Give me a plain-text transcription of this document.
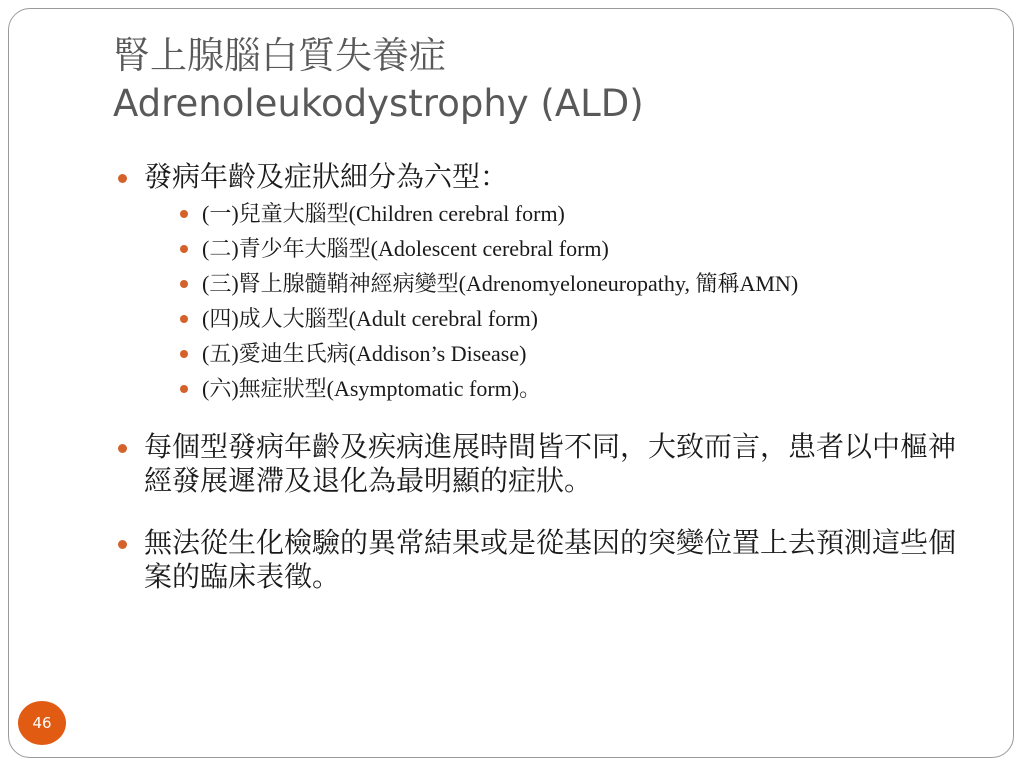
腎上腺腦白質失養症
Adrenoleukodystrophy (ALD)
發病年齡及症狀細分為六型：
(一)兒童大腦型(Children cerebral form)
(二)青少年大腦型(Adolescent cerebral form)
(三)腎上腺髓鞘神經病變型(Adrenomyeloneuropathy, 簡稱AMN)
(四)成人大腦型(Adult cerebral form)
(五)愛迪生氏病(Addison’s Disease)
(六)無症狀型(Asymptomatic form)。
每個型發病年齡及疾病進展時間皆不同，大致而言，患者以中樞神經發展遲滯及退化為最明顯的症狀。
無法從生化檢驗的異常結果或是從基因的突變位置上去預測這些個案的臨床表徵。
46
